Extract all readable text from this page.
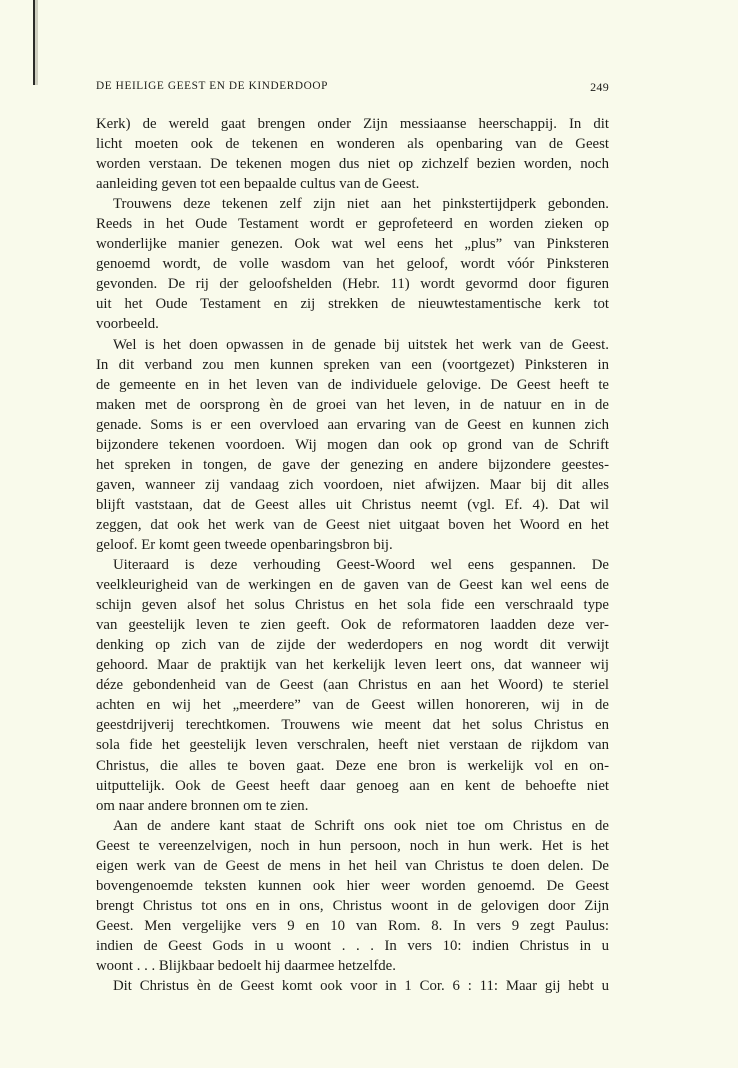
DE HEILIGE GEEST EN DE KINDERDOOP	249
Kerk) de wereld gaat brengen onder Zijn messiaanse heerschappij. In dit
licht moeten ook de tekenen en wonderen als openbaring van de Geest
worden verstaan. De tekenen mogen dus niet op zichzelf bezien worden, noch
aanleiding geven tot een bepaalde cultus van de Geest.
Trouwens deze tekenen zelf zijn niet aan het pinkstertijdperk gebonden.
Reeds in het Oude Testament wordt er geprofeteerd en worden zieken op
wonderlijke manier genezen. Ook wat wel eens het „plus” van Pinksteren
genoemd wordt, de volle wasdom van het geloof, wordt vóór Pinksteren
gevonden. De rij der geloofshelden (Hebr. 11) wordt gevormd door figuren
uit het Oude Testament en zij strekken de nieuwtestamentische kerk tot
voorbeeld.
Wel is het doen opwassen in de genade bij uitstek het werk van de Geest.
In dit verband zou men kunnen spreken van een (voortgezet) Pinksteren in
de gemeente en in het leven van de individuele gelovige. De Geest heeft te
maken met de oorsprong èn de groei van het leven, in de natuur en in de
genade. Soms is er een overvloed aan ervaring van de Geest en kunnen zich
bijzondere tekenen voordoen. Wij mogen dan ook op grond van de Schrift
het spreken in tongen, de gave der genezing en andere bijzondere geestes-
gaven, wanneer zij vandaag zich voordoen, niet afwijzen. Maar bij dit alles
blijft vaststaan, dat de Geest alles uit Christus neemt (vgl. Ef. 4). Dat wil
zeggen, dat ook het werk van de Geest niet uitgaat boven het Woord en het
geloof. Er komt geen tweede openbaringsbron bij.
Uiteraard is deze verhouding Geest-Woord wel eens gespannen. De
veelkleurigheid van de werkingen en de gaven van de Geest kan wel eens de
schijn geven alsof het solus Christus en het sola fide een verschraald type
van geestelijk leven te zien geeft. Ook de reformatoren laadden deze ver-
denking op zich van de zijde der wederdopers en nog wordt dit verwijt
gehoord. Maar de praktijk van het kerkelijk leven leert ons, dat wanneer wij
déze gebondenheid van de Geest (aan Christus en aan het Woord) te steriel
achten en wij het „meerdere” van de Geest willen honoreren, wij in de
geestdrijverij terechtkomen. Trouwens wie meent dat het solus Christus en
sola fide het geestelijk leven verschralen, heeft niet verstaan de rijkdom van
Christus, die alles te boven gaat. Deze ene bron is werkelijk vol en on-
uitputtelijk. Ook de Geest heeft daar genoeg aan en kent de behoefte niet
om naar andere bronnen om te zien.
Aan de andere kant staat de Schrift ons ook niet toe om Christus en de
Geest te vereenzelvigen, noch in hun persoon, noch in hun werk. Het is het
eigen werk van de Geest de mens in het heil van Christus te doen delen. De
bovengenoemde teksten kunnen ook hier weer worden genoemd. De Geest
brengt Christus tot ons en in ons, Christus woont in de gelovigen door Zijn
Geest. Men vergelijke vers 9 en 10 van Rom. 8. In vers 9 zegt Paulus:
indien de Geest Gods in u woont . . . In vers 10: indien Christus in u
woont . . . Blijkbaar bedoelt hij daarmee hetzelfde.
Dit Christus èn de Geest komt ook voor in 1 Cor. 6 : 11: Maar gij hebt u
